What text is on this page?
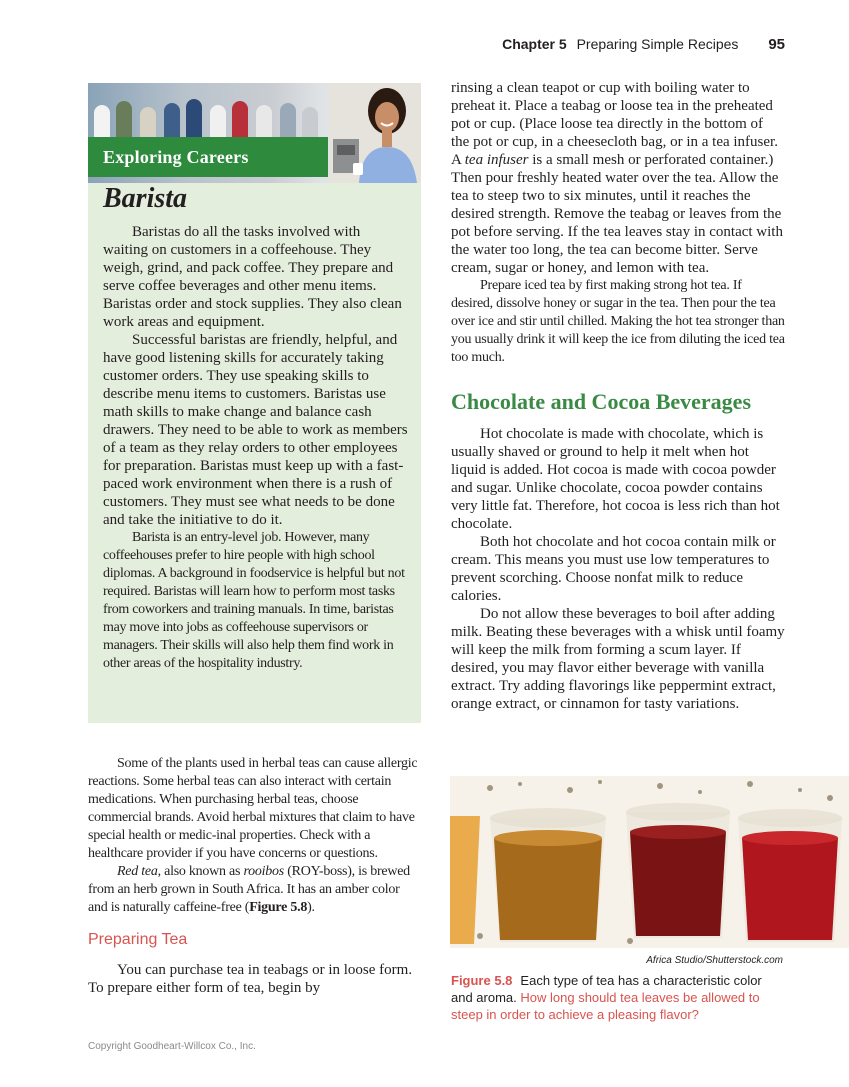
Chapter 5 Preparing Simple Recipes 95
Exploring Careers
Barista

Baristas do all the tasks involved with waiting on customers in a coffeehouse. They weigh, grind, and pack coffee. They prepare and serve coffee beverages and other menu items. Baristas order and stock supplies. They also clean work areas and equipment.

Successful baristas are friendly, helpful, and have good listening skills for accurately taking customer orders. They use speaking skills to describe menu items to customers. Baristas use math skills to make change and balance cash drawers. They need to be able to work as members of a team as they relay orders to other employees for preparation. Baristas must keep up with a fast-paced work environment when there is a rush of customers. They must see what needs to be done and take the initiative to do it.

Barista is an entry-level job. However, many coffeehouses prefer to hire people with high school diplomas. A background in foodservice is helpful but not required. Baristas will learn how to perform most tasks from coworkers and training manuals. In time, baristas may move into jobs as coffeehouse supervisors or managers. Their skills will also help them find work in other areas of the hospitality industry.

Some of the plants used in herbal teas can cause allergic reactions. Some herbal teas can also interact with certain medications. When purchasing herbal teas, choose commercial brands. Avoid herbal mixtures that claim to have special health or medic-inal properties. Check with a healthcare provider if you have concerns or questions.

Red tea, also known as rooibos (ROY-boss), is brewed from an herb grown in South Africa. It has an amber color and is naturally caffeine-free (Figure 5.8).

Preparing Tea

You can purchase tea in teabags or in loose form. To prepare either form of tea, begin by

rinsing a clean teapot or cup with boiling water to preheat it. Place a teabag or loose tea in the preheated pot or cup. (Place loose tea directly in the bottom of the pot or cup, in a cheesecloth bag, or in a tea infuser. A tea infuser is a small mesh or perforated container.) Then pour freshly heated water over the tea. Allow the tea to steep two to six minutes, until it reaches the desired strength. Remove the teabag or leaves from the pot before serving. If the tea leaves stay in contact with the water too long, the tea can become bitter. Serve cream, sugar or honey, and lemon with tea.

Prepare iced tea by first making strong hot tea. If desired, dissolve honey or sugar in the tea. Then pour the tea over ice and stir until chilled. Making the hot tea stronger than you usually drink it will keep the ice from diluting the iced tea too much.

Chocolate and Cocoa Beverages

Hot chocolate is made with chocolate, which is usually shaved or ground to help it melt when hot liquid is added. Hot cocoa is made with cocoa powder and sugar. Unlike chocolate, cocoa powder contains very little fat. Therefore, hot cocoa is less rich than hot chocolate.

Both hot chocolate and hot cocoa contain milk or cream. This means you must use low temperatures to prevent scorching. Choose nonfat milk to reduce calories.

Do not allow these beverages to boil after adding milk. Beating these beverages with a whisk until foamy will keep the milk from forming a scum layer. If desired, you may flavor either beverage with vanilla extract. Try adding flavorings like peppermint extract, orange extract, or cinnamon for tasty variations.

Africa Studio/Shutterstock.com
Figure 5.8 Each type of tea has a characteristic color and aroma. How long should tea leaves be allowed to steep in order to achieve a pleasing flavor?
Copyright Goodheart-Willcox Co., Inc.
